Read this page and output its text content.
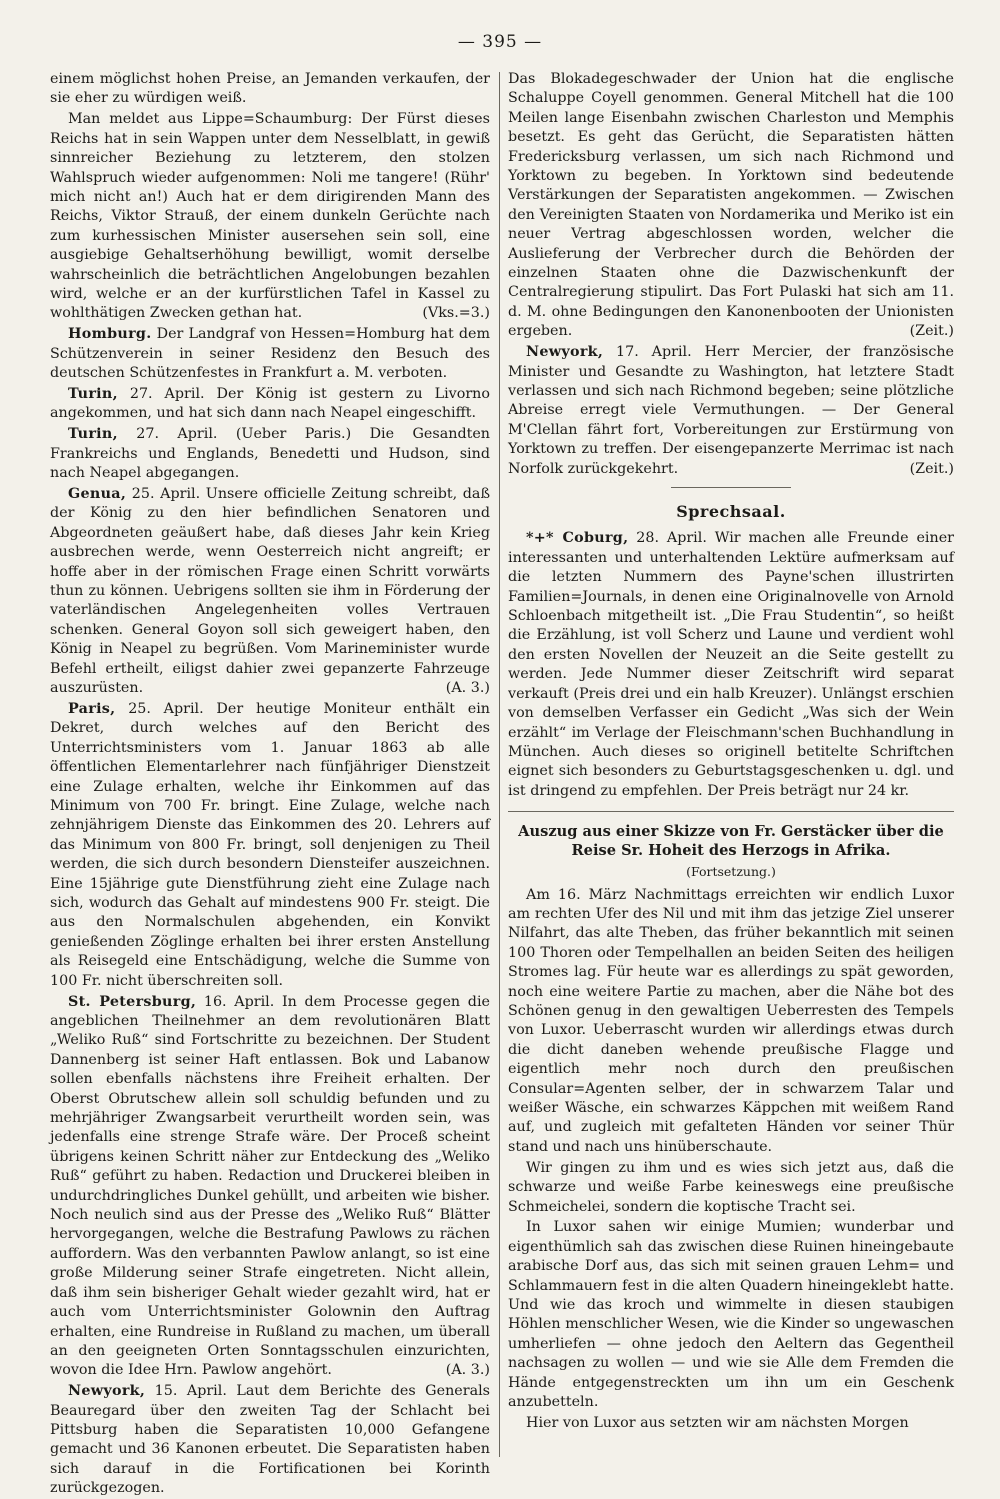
— 395 —

einem möglichst hohen Preise, an Jemanden verkaufen, der sie eher zu würdigen weiß.

Man meldet aus Lippe=Schaumburg: Der Fürst dieses Reichs hat in sein Wappen unter dem Nesselblatt, in gewiß sinnreicher Beziehung zu letzterem, den stolzen Wahlspruch wieder aufgenommen: Noli me tangere! (Rühr' mich nicht an!) Auch hat er dem dirigirenden Mann des Reichs, Viktor Strauß, der einem dunkeln Gerüchte nach zum kurhessischen Minister ausersehen sein soll, eine ausgiebige Gehaltserhöhung bewilligt, womit derselbe wahrscheinlich die beträchtlichen Angelobungen bezahlen wird, welche er an der kurfürstlichen Tafel in Kassel zu wohlthätigen Zwecken gethan hat.	(Vks.=3.)

Homburg. Der Landgraf von Hessen=Homburg hat dem Schützenverein in seiner Residenz den Besuch des deutschen Schützenfestes in Frankfurt a. M. verboten.

Turin, 27. April. Der König ist gestern zu Livorno angekommen, und hat sich dann nach Neapel eingeschifft.

Turin, 27. April. (Ueber Paris.) Die Gesandten Frankreichs und Englands, Benedetti und Hudson, sind nach Neapel abgegangen.

Genua, 25. April. Unsere officielle Zeitung schreibt, daß der König zu den hier befindlichen Senatoren und Abgeordneten geäußert habe, daß dieses Jahr kein Krieg ausbrechen werde, wenn Oesterreich nicht angreift; er hoffe aber in der römischen Frage einen Schritt vorwärts thun zu können. Uebrigens sollten sie ihm in Förderung der vaterländischen Angelegenheiten volles Vertrauen schenken. General Goyon soll sich geweigert haben, den König in Neapel zu begrüßen. Vom Marineminister wurde Befehl ertheilt, eiligst dahier zwei gepanzerte Fahrzeuge auszurüsten.	(A. 3.)

Paris, 25. April. Der heutige Moniteur enthält ein Dekret, durch welches auf den Bericht des Unterrichtsministers vom 1. Januar 1863 ab alle öffentlichen Elementarlehrer nach fünfjähriger Dienstzeit eine Zulage erhalten, welche ihr Einkommen auf das Minimum von 700 Fr. bringt. Eine Zulage, welche nach zehnjährigem Dienste das Einkommen des 20. Lehrers auf das Minimum von 800 Fr. bringt, soll denjenigen zu Theil werden, die sich durch besondern Diensteifer auszeichnen. Eine 15jährige gute Dienstführung zieht eine Zulage nach sich, wodurch das Gehalt auf mindestens 900 Fr. steigt. Die aus den Normalschulen abgehenden, ein Konvikt genießenden Zöglinge erhalten bei ihrer ersten Anstellung als Reisegeld eine Entschädigung, welche die Summe von 100 Fr. nicht überschreiten soll.

St. Petersburg, 16. April. In dem Processe gegen die angeblichen Theilnehmer an dem revolutionären Blatt „Weliko Ruß“ sind Fortschritte zu bezeichnen. Der Student Dannenberg ist seiner Haft entlassen. Bok und Labanow sollen ebenfalls nächstens ihre Freiheit erhalten. Der Oberst Obrutschew allein soll schuldig befunden und zu mehrjähriger Zwangsarbeit verurtheilt worden sein, was jedenfalls eine strenge Strafe wäre. Der Proceß scheint übrigens keinen Schritt näher zur Entdeckung des „Weliko Ruß“ geführt zu haben. Redaction und Druckerei bleiben in undurchdringliches Dunkel gehüllt, und arbeiten wie bisher. Noch neulich sind aus der Presse des „Weliko Ruß“ Blätter hervorgegangen, welche die Bestrafung Pawlows zu rächen auffordern. Was den verbannten Pawlow anlangt, so ist eine große Milderung seiner Strafe eingetreten. Nicht allein, daß ihm sein bisheriger Gehalt wieder gezahlt wird, hat er auch vom Unterrichtsminister Golownin den Auftrag erhalten, eine Rundreise in Rußland zu machen, um überall an den geeigneten Orten Sonntagsschulen einzurichten, wovon die Idee Hrn. Pawlow angehört.	(A. 3.)

Newyork, 15. April. Laut dem Berichte des Generals Beauregard über den zweiten Tag der Schlacht bei Pittsburg haben die Separatisten 10,000 Gefangene gemacht und 36 Kanonen erbeutet. Die Separatisten haben sich darauf in die Fortificationen bei Korinth zurückgezogen.

Das Blokadegeschwader der Union hat die englische Schaluppe Coyell genommen. General Mitchell hat die 100 Meilen lange Eisenbahn zwischen Charleston und Memphis besetzt. Es geht das Gerücht, die Separatisten hätten Fredericksburg verlassen, um sich nach Richmond und Yorktown zu begeben. In Yorktown sind bedeutende Verstärkungen der Separatisten angekommen. — Zwischen den Vereinigten Staaten von Nordamerika und Meriko ist ein neuer Vertrag abgeschlossen worden, welcher die Auslieferung der Verbrecher durch die Behörden der einzelnen Staaten ohne die Dazwischenkunft der Centralregierung stipulirt. Das Fort Pulaski hat sich am 11. d. M. ohne Bedingungen den Kanonenbooten der Unionisten ergeben.	(Zeit.)

Newyork, 17. April. Herr Mercier, der französische Minister und Gesandte zu Washington, hat letztere Stadt verlassen und sich nach Richmond begeben; seine plötzliche Abreise erregt viele Vermuthungen. — Der General M'Clellan fährt fort, Vorbereitungen zur Erstürmung von Yorktown zu treffen. Der eisengepanzerte Merrimac ist nach Norfolk zurückgekehrt.	(Zeit.)

Sprechsaal.

*+* Coburg, 28. April. Wir machen alle Freunde einer interessanten und unterhaltenden Lektüre aufmerksam auf die letzten Nummern des Payne'schen illustrirten Familien=Journals, in denen eine Originalnovelle von Arnold Schloenbach mitgetheilt ist. „Die Frau Studentin“, so heißt die Erzählung, ist voll Scherz und Laune und verdient wohl den ersten Novellen der Neuzeit an die Seite gestellt zu werden. Jede Nummer dieser Zeitschrift wird separat verkauft (Preis drei und ein halb Kreuzer). Unlängst erschien von demselben Verfasser ein Gedicht „Was sich der Wein erzählt“ im Verlage der Fleischmann'schen Buchhandlung in München. Auch dieses so originell betitelte Schriftchen eignet sich besonders zu Geburtstagsgeschenken u. dgl. und ist dringend zu empfehlen. Der Preis beträgt nur 24 kr.

Auszug aus einer Skizze von Fr. Gerstäcker über die
Reise Sr. Hoheit des Herzogs in Afrika.
(Fortsetzung.)

Am 16. März Nachmittags erreichten wir endlich Luxor am rechten Ufer des Nil und mit ihm das jetzige Ziel unserer Nilfahrt, das alte Theben, das früher bekanntlich mit seinen 100 Thoren oder Tempelhallen an beiden Seiten des heiligen Stromes lag. Für heute war es allerdings zu spät geworden, noch eine weitere Partie zu machen, aber die Nähe bot des Schönen genug in den gewaltigen Ueberresten des Tempels von Luxor. Ueberrascht wurden wir allerdings etwas durch die dicht daneben wehende preußische Flagge und eigentlich mehr noch durch den preußischen Consular=Agenten selber, der in schwarzem Talar und weißer Wäsche, ein schwarzes Käppchen mit weißem Rand auf, und zugleich mit gefalteten Händen vor seiner Thür stand und nach uns hinüberschaute.

Wir gingen zu ihm und es wies sich jetzt aus, daß die schwarze und weiße Farbe keineswegs eine preußische Schmeichelei, sondern die koptische Tracht sei.

In Luxor sahen wir einige Mumien; wunderbar und eigenthümlich sah das zwischen diese Ruinen hineingebaute arabische Dorf aus, das sich mit seinen grauen Lehm= und Schlammauern fest in die alten Quadern hineingeklebt hatte. Und wie das kroch und wimmelte in diesen staubigen Höhlen menschlicher Wesen, wie die Kinder so ungewaschen umherliefen — ohne jedoch den Aeltern das Gegentheil nachsagen zu wollen — und wie sie Alle dem Fremden die Hände entgegenstreckten um ihn um ein Geschenk anzubetteln.

Hier von Luxor aus setzten wir am nächsten Morgen
